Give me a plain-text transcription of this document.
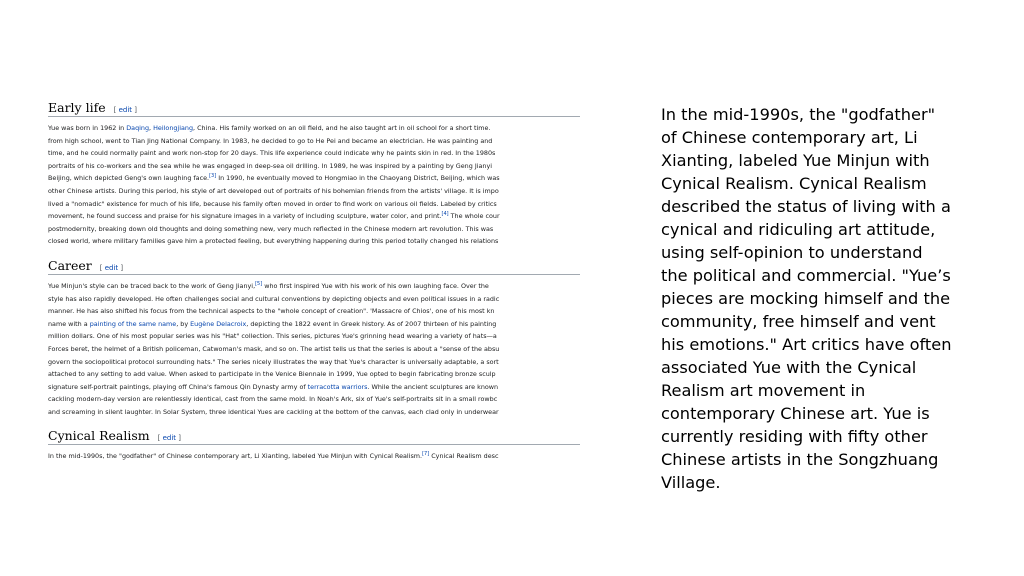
Early life [ edit ]
Yue was born in 1962 in Daqing, Heilongjiang, China. His family worked on an oil field, and he also taught art in oil school for a short time.
from high school, went to Tian Jing National Company. In 1983, he decided to go to He Pei and became an electrician. He was painting and
time, and he could normally paint and work non-stop for 20 days. This life experience could indicate why he paints skin in red. In the 1980s
portraits of his co-workers and the sea while he was engaged in deep-sea oil drilling. In 1989, he was inspired by a painting by Geng Jianyi
Beijing, which depicted Geng's own laughing face.[3] In 1990, he eventually moved to Hongmiao in the Chaoyang District, Beijing, which was
other Chinese artists. During this period, his style of art developed out of portraits of his bohemian friends from the artists' village. It is impo
lived a "nomadic" existence for much of his life, because his family often moved in order to find work on various oil fields. Labeled by critics
movement, he found success and praise for his signature images in a variety of including sculpture, water color, and print.[4] The whole cour
postmodernity, breaking down old thoughts and doing something new, very much reflected in the Chinese modern art revolution. This was
closed world, where military families gave him a protected feeling, but everything happening during this period totally changed his relations
Career [ edit ]
Yue Minjun's style can be traced back to the work of Geng Jianyi,[5] who first inspired Yue with his work of his own laughing face. Over the
style has also rapidly developed. He often challenges social and cultural conventions by depicting objects and even political issues in a radic
manner. He has also shifted his focus from the technical aspects to the "whole concept of creation". 'Massacre of Chios', one of his most kn
name with a painting of the same name, by Eugène Delacroix, depicting the 1822 event in Greek history. As of 2007 thirteen of his painting
million dollars. One of his most popular series was his "Hat" collection. This series, pictures Yue's grinning head wearing a variety of hats—a
Forces beret, the helmet of a British policeman, Catwoman's mask, and so on. The artist tells us that the series is about a "sense of the absu
govern the sociopolitical protocol surrounding hats." The series nicely illustrates the way that Yue's character is universally adaptable, a sort
attached to any setting to add value. When asked to participate in the Venice Biennale in 1999, Yue opted to begin fabricating bronze sculp
signature self-portrait paintings, playing off China's famous Qin Dynasty army of terracotta warriors. While the ancient sculptures are known
cackling modern-day version are relentlessly identical, cast from the same mold. In Noah's Ark, six of Yue's self-portraits sit in a small rowbc
and screaming in silent laughter. In Solar System, three identical Yues are cackling at the bottom of the canvas, each clad only in underwear
Cynical Realism [ edit ]
In the mid-1990s, the "godfather" of Chinese contemporary art, Li Xianting, labeled Yue Minjun with Cynical Realism.[7] Cynical Realism desc
In the mid-1990s, the "godfather"
of Chinese contemporary art, Li
Xianting, labeled Yue Minjun with
Cynical Realism. Cynical Realism
described the status of living with a
cynical and ridiculing art attitude,
using self-opinion to understand
the political and commercial. "Yue’s
pieces are mocking himself and the
community, free himself and vent
his emotions." Art critics have often
associated Yue with the Cynical
Realism art movement in
contemporary Chinese art. Yue is
currently residing with fifty other
Chinese artists in the Songzhuang
Village.
